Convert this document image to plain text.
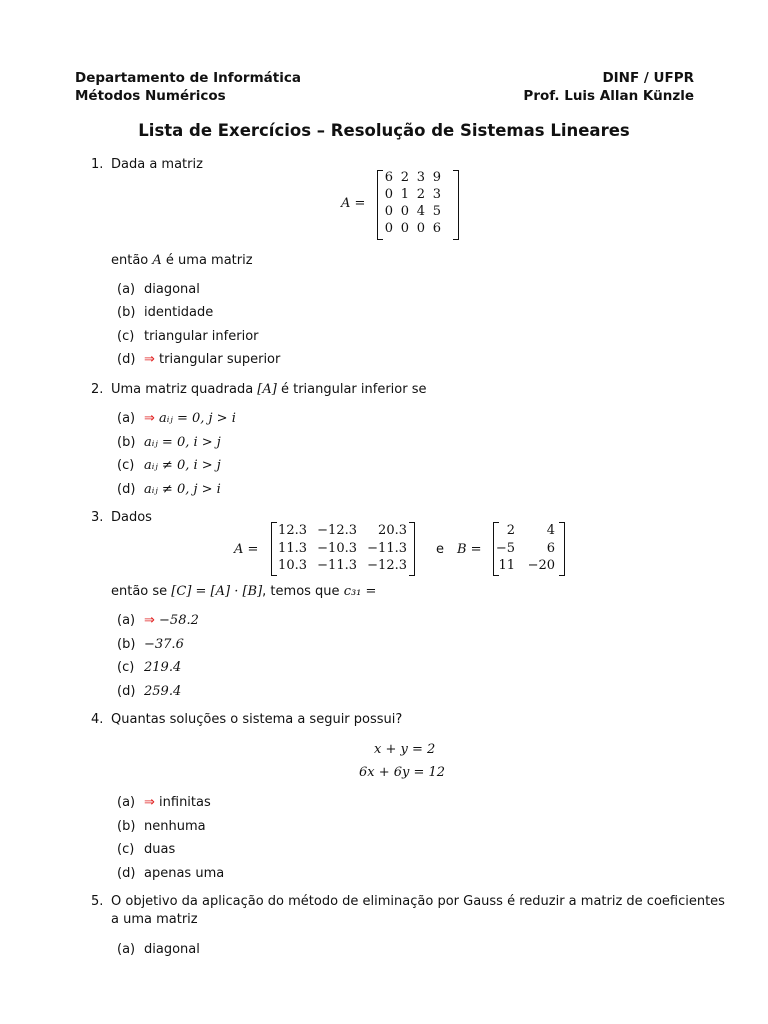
Departamento de Informática
Métodos Numéricos
DINF / UFPR
Prof. Luis Allan Künzle
Lista de Exercícios – Resolução de Sistemas Lineares
1. Dada a matriz
A =
6 2 3 9
0 1 2 3
0 0 4 5
0 0 0 6
então A é uma matriz
(a) diagonal
(b) identidade
(c) triangular inferior
(d) ⇒ triangular superior
2. Uma matriz quadrada [A] é triangular inferior se
(a) ⇒ aᵢⱼ = 0, j > i
(b) aᵢⱼ = 0, i > j
(c) aᵢⱼ ≠ 0, i > j
(d) aᵢⱼ ≠ 0, j > i
3. Dados
A =
12.3 −12.3	20.3
11.3 −10.3 −11.3
10.3 −11.3 −12.3
e B =
2	4
−5	6
11 −20
então se [C] = [A] · [B], temos que c₃₁ =
(a) ⇒ −58.2
(b) −37.6
(c) 219.4
(d) 259.4
4. Quantas soluções o sistema a seguir possui?
x + y = 2
6x + 6y = 12
(a) ⇒ infinitas
(b) nenhuma
(c) duas
(d) apenas uma
5. O objetivo da aplicação do método de eliminação por Gauss é reduzir a matriz de coeficientes
a uma matriz
(a) diagonal
